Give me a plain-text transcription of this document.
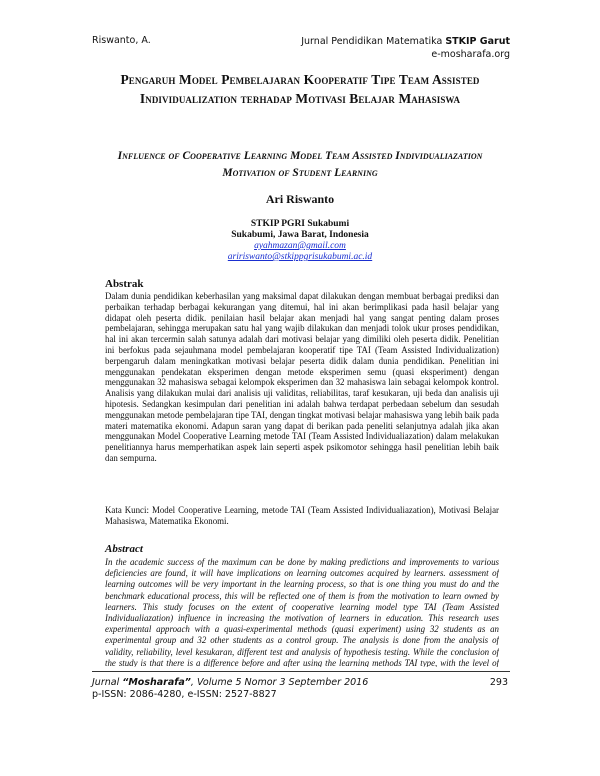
Riswanto, A.	Jurnal Pendidikan Matematika STKIP Garut
e-mosharafa.org
Pengaruh Model Pembelajaran Kooperatif Tipe Team Assisted Individualization terhadap Motivasi Belajar Mahasiswa
Influence of Cooperative Learning Model Team Assisted Individualiazation Motivation of Student Learning
Ari Riswanto
STKIP PGRI Sukabumi
Sukabumi, Jawa Barat, Indonesia
ayahmazan@gmail.com
aririswanto@stkippgrisukabumi.ac.id
Abstrak
Dalam dunia pendidikan keberhasilan yang maksimal dapat dilakukan dengan membuat berbagai prediksi dan perbaikan terhadap berbagai kekurangan yang ditemui, hal ini akan berimplikasi pada hasil belajar yang didapat oleh peserta didik. penilaian hasil belajar akan menjadi hal yang sangat penting dalam proses pembelajaran, sehingga merupakan satu hal yang wajib dilakukan dan menjadi tolok ukur proses pendidikan, hal ini akan tercermin salah satunya adalah dari motivasi belajar yang dimiliki oleh peserta didik. Penelitian ini berfokus pada sejauhmana model pembelajaran kooperatif tipe TAI (Team Assisted Individualization) berpengaruh dalam meningkatkan motivasi belajar peserta didik dalam dunia pendidikan. Penelitian ini menggunakan pendekatan eksperimen dengan metode eksperimen semu (quasi eksperiment) dengan menggunakan 32 mahasiswa sebagai kelompok eksperimen dan 32 mahasiswa lain sebagai kelompok kontrol. Analisis yang dilakukan mulai dari analisis uji validitas, reliabilitas, taraf kesukaran, uji beda dan analisis uji hipotesis. Sedangkan kesimpulan dari penelitian ini adalah bahwa terdapat perbedaan sebelum dan sesudah menggunakan metode pembelajaran tipe TAI, dengan tingkat motivasi belajar mahasiswa yang lebih baik pada materi matematika ekonomi. Adapun saran yang dapat di berikan pada peneliti selanjutnya adalah jika akan menggunakan Model Cooperative Learning metode TAI (Team Assisted Individualiazation) dalam melakukan penelitiannya harus memperhatikan aspek lain seperti aspek psikomotor sehingga hasil penelitian lebih baik dan sempurna.
Kata Kunci: Model Cooperative Learning, metode TAI (Team Assisted Individualiazation), Motivasi Belajar Mahasiswa, Matematika Ekonomi.
Abstract
In the academic success of the maximum can be done by making predictions and improvements to various deficiencies are found, it will have implications on learning outcomes acquired by learners. assessment of learning outcomes will be very important in the learning process, so that is one thing you must do and the benchmark educational process, this will be reflected one of them is from the motivation to learn owned by learners. This study focuses on the extent of cooperative learning model type TAI (Team Assisted Individualiazation) influence in increasing the motivation of learners in education. This research uses experimental approach with a quasi-experimental methods (quasi experiment) using 32 students as an experimental group and 32 other students as a control group. The analysis is done from the analysis of validity, reliability, level kesukaran, different test and analysis of hypothesis testing. While the conclusion of the study is that there is a difference before and after using the learning methods TAI type, with the level of
Jurnal “Mosharafa”, Volume 5 Nomor 3 September 2016
p-ISSN: 2086-4280, e-ISSN: 2527-8827
293
